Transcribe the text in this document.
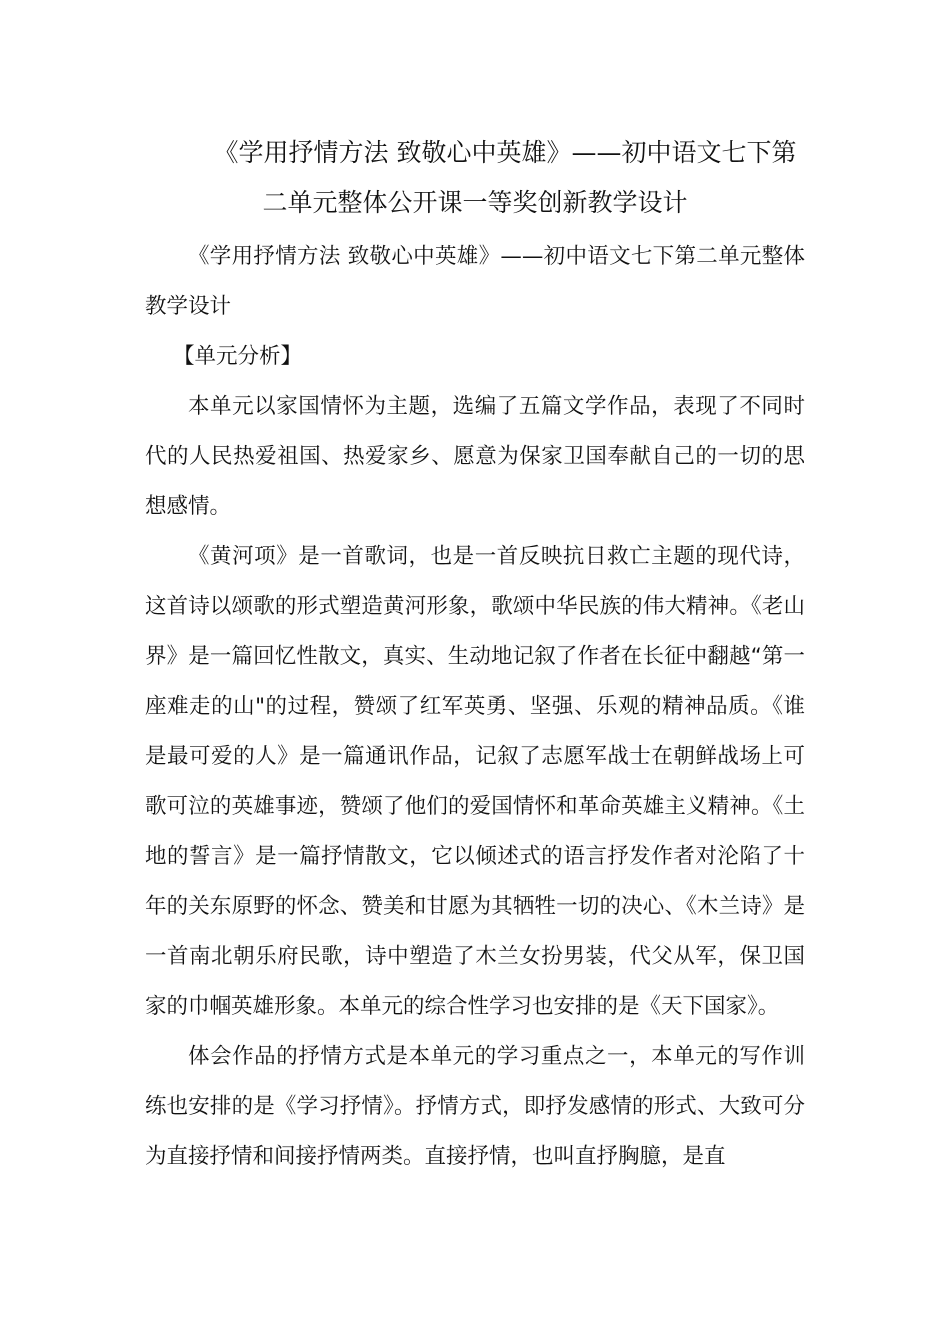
《学用抒情方法 致敬心中英雄》——初中语文七下第
二单元整体公开课一等奖创新教学设计

《学用抒情方法 致敬心中英雄》——初中语文七下第二单元整体教学设计

【单元分析】

本单元以家国情怀为主题，选编了五篇文学作品，表现了不同时代的人民热爱祖国、热爱家乡、愿意为保家卫国奉献自己的一切的思想感情。

《黄河项》是一首歌词，也是一首反映抗日救亡主题的现代诗，这首诗以颂歌的形式塑造黄河形象，歌颂中华民族的伟大精神。《老山界》是一篇回忆性散文，真实、生动地记叙了作者在长征中翻越“第一座难走的山"的过程，赞颂了红军英勇、坚强、乐观的精神品质。《谁是最可爱的人》是一篇通讯作品，记叙了志愿军战士在朝鲜战场上可歌可泣的英雄事迹，赞颂了他们的爱国情怀和革命英雄主义精神。《土地的誓言》是一篇抒情散文，它以倾述式的语言抒发作者对沦陷了十年的关东原野的怀念、赞美和甘愿为其牺牲一切的决心、《木兰诗》是一首南北朝乐府民歌，诗中塑造了木兰女扮男装，代父从军，保卫国家的巾帼英雄形象。本单元的综合性学习也安排的是《天下国家》。

体会作品的抒情方式是本单元的学习重点之一，本单元的写作训练也安排的是《学习抒情》。抒情方式，即抒发感情的形式、大致可分为直接抒情和间接抒情两类。直接抒情，也叫直抒胸臆，是直
